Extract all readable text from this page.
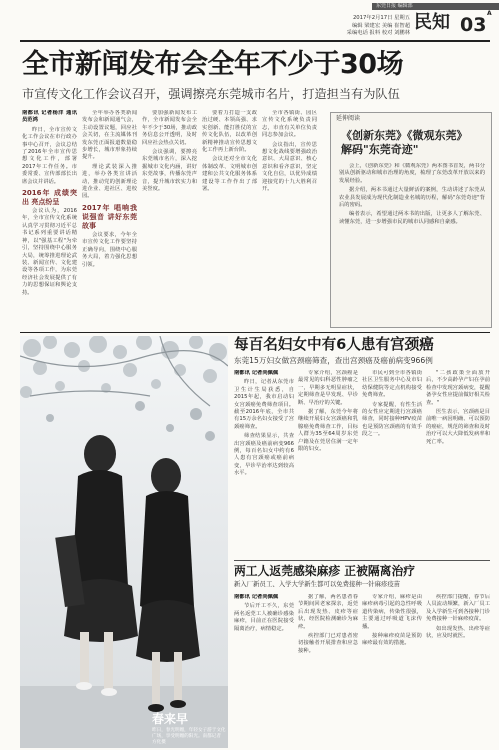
东莞日报 编辑部
2017年2月17日 星期五
编辑 梁建宏 美编 崔智超
采编电话 报料 校对 刘鹏林 民知	A
03
全市新闻发布会全年不少于30场
市宣传文化工作会议召开，强调擦亮东莞城市名片，打造担当有为队伍

南都讯 记者杨洋 通讯员范鸿

昨日，全市宣传文化工作会议在市行政办事中心召开，会议总结了2016年全市宣传思想文化工作，部署2017年工作任务。市委常委、宣传部部长出席会议并讲话。

2016年 成绩突出 亮点纷呈

会议认为，2016年，全市宣传文化系统认真学习贯彻习近平总书记系列重要讲话精神，以"强基工程"为牵引，坚持围绕中心服务大局，统筹推进理论武装、新闻宣传、文化建设等各项工作，为东莞经济社会发展提供了有力的思想保证和舆论支持。

全年举办各类新闻发布会和新闻通气会，主动设置议题，回应社会关切，在主流媒体刊发东莞正面报道数量稳步增长，城市形象持续提升。

理论武装深入推进，举办各类宣讲活动，推动党的创新理论进企业、进社区、进校园。

2017年 唱响我说强音 讲好东莞故事

会议要求，今年全市宣传文化工作要坚持正确导向，围绕中心服务大局，着力强化思想引领。

要加强新闻发布工作，全市新闻发布会全年不少于30场，推动政务信息公开透明，及时回应社会热点关切。

会议强调，要擦亮东莞城市名片，深入挖掘城市文化内涵，讲好东莞故事，传播东莞声音，提升城市软实力和美誉度。

要着力打造一支政治过硬、本领高强、求实创新、能打胜仗的宣传文化队伍，以改革创新精神推动宣传思想文化工作再上新台阶。

会议还对全市文化体制改革、文明城市创建和公共文化服务体系建设等工作作出了部署。

全市各镇街、园区宣传文化系统负责同志，市直有关单位负责同志参加会议。

会议指出，宣传思想文化战线要增强政治意识、大局意识、核心意识和看齐意识，坚定文化自信，以优异成绩迎接党的十九大胜利召开。

延伸阅读
《创新东莞》《微观东莞》
解码"东莞奇迹"

会上，《创新东莞》和《微观东莞》两本图书首发，两书分别从创新驱动和城市治理的角度，梳理了东莞改革开放以来的发展经验。

据介绍，两本书通过大量鲜活的案例，生动讲述了东莞从农业县发展成为现代化制造业名城的历程，解码"东莞奇迹"背后的密码。

编者表示，希望通过两本书的出版，让更多人了解东莞、读懂东莞，进一步增强市民的城市认同感和自豪感。

春来早
昨日，春光明媚，年轻女子游于文化广场，享受明媚的阳光。南都记者 方化摄
每百名妇女中有6人患有宫颈癌
东莞15万妇女做宫颈癌筛查，查出宫颈癌及癌前病变966例

南都讯 记者尚佩佩

昨日，记者从东莞市卫生计生局获悉，自2015年起，我市启动妇女宫颈癌免费筛查项目。截至2016年底，全市共有15万余名妇女接受了宫颈癌筛查。

筛查结果显示，共查出宫颈癌及癌前病变966例，每百名妇女中约有6人患有宫颈癌或癌前病变，早诊早治率达到较高水平。

专家介绍，宫颈癌是最常见的妇科恶性肿瘤之一，早期多无明显症状，定期筛查是早发现、早诊断、早治疗的关键。

据了解，东莞今年将继续开展妇女宫颈癌和乳腺癌免费筛查工作，目标人群为35至64周岁东莞户籍及在莞居住满一定年限的妇女。

市民可到全市各镇街社区卫生服务中心及市妇幼保健院等定点机构接受免费筛查。

专家提醒，有性生活的女性应定期进行宫颈癌筛查，同时接种HPV疫苗也是预防宫颈癌的有效手段之一。

"二孩政策全面放开后，不少高龄孕产妇在孕前检查中发现宫颈病变，提醒备孕女性应提前做好相关检查。"

医生表示，宫颈癌是目前唯一病因明确、可以预防的癌症，规范的筛查和及时治疗可以大大降低发病率和死亡率。

两工人返莞感染麻疹 正被隔离治疗
新入厂新员工、入学大学新生都可以免费接种一针麻疹疫苗

南都讯 记者尚佩佩

节后开工不久，东莞两名返莞工人被确诊感染麻疹，目前正在医院接受隔离治疗，病情稳定。

据了解，两名患者春节期间回老家探亲，返莞后出现发热、皮疹等症状，经医院检测确诊为麻疹。

疾控部门已对患者密切接触者开展排查和应急接种。

专家介绍，麻疹是由麻疹病毒引起的急性呼吸道传染病，传染性很强，主要通过呼吸道飞沫传播。

接种麻疹疫苗是预防麻疹最有效的措施。

疾控部门提醒，春节后人员流动频繁，新入厂员工及入学新生可到各接种门诊免费接种一针麻疹疫苗。

如出现发热、出疹等症状，应及时就医。
